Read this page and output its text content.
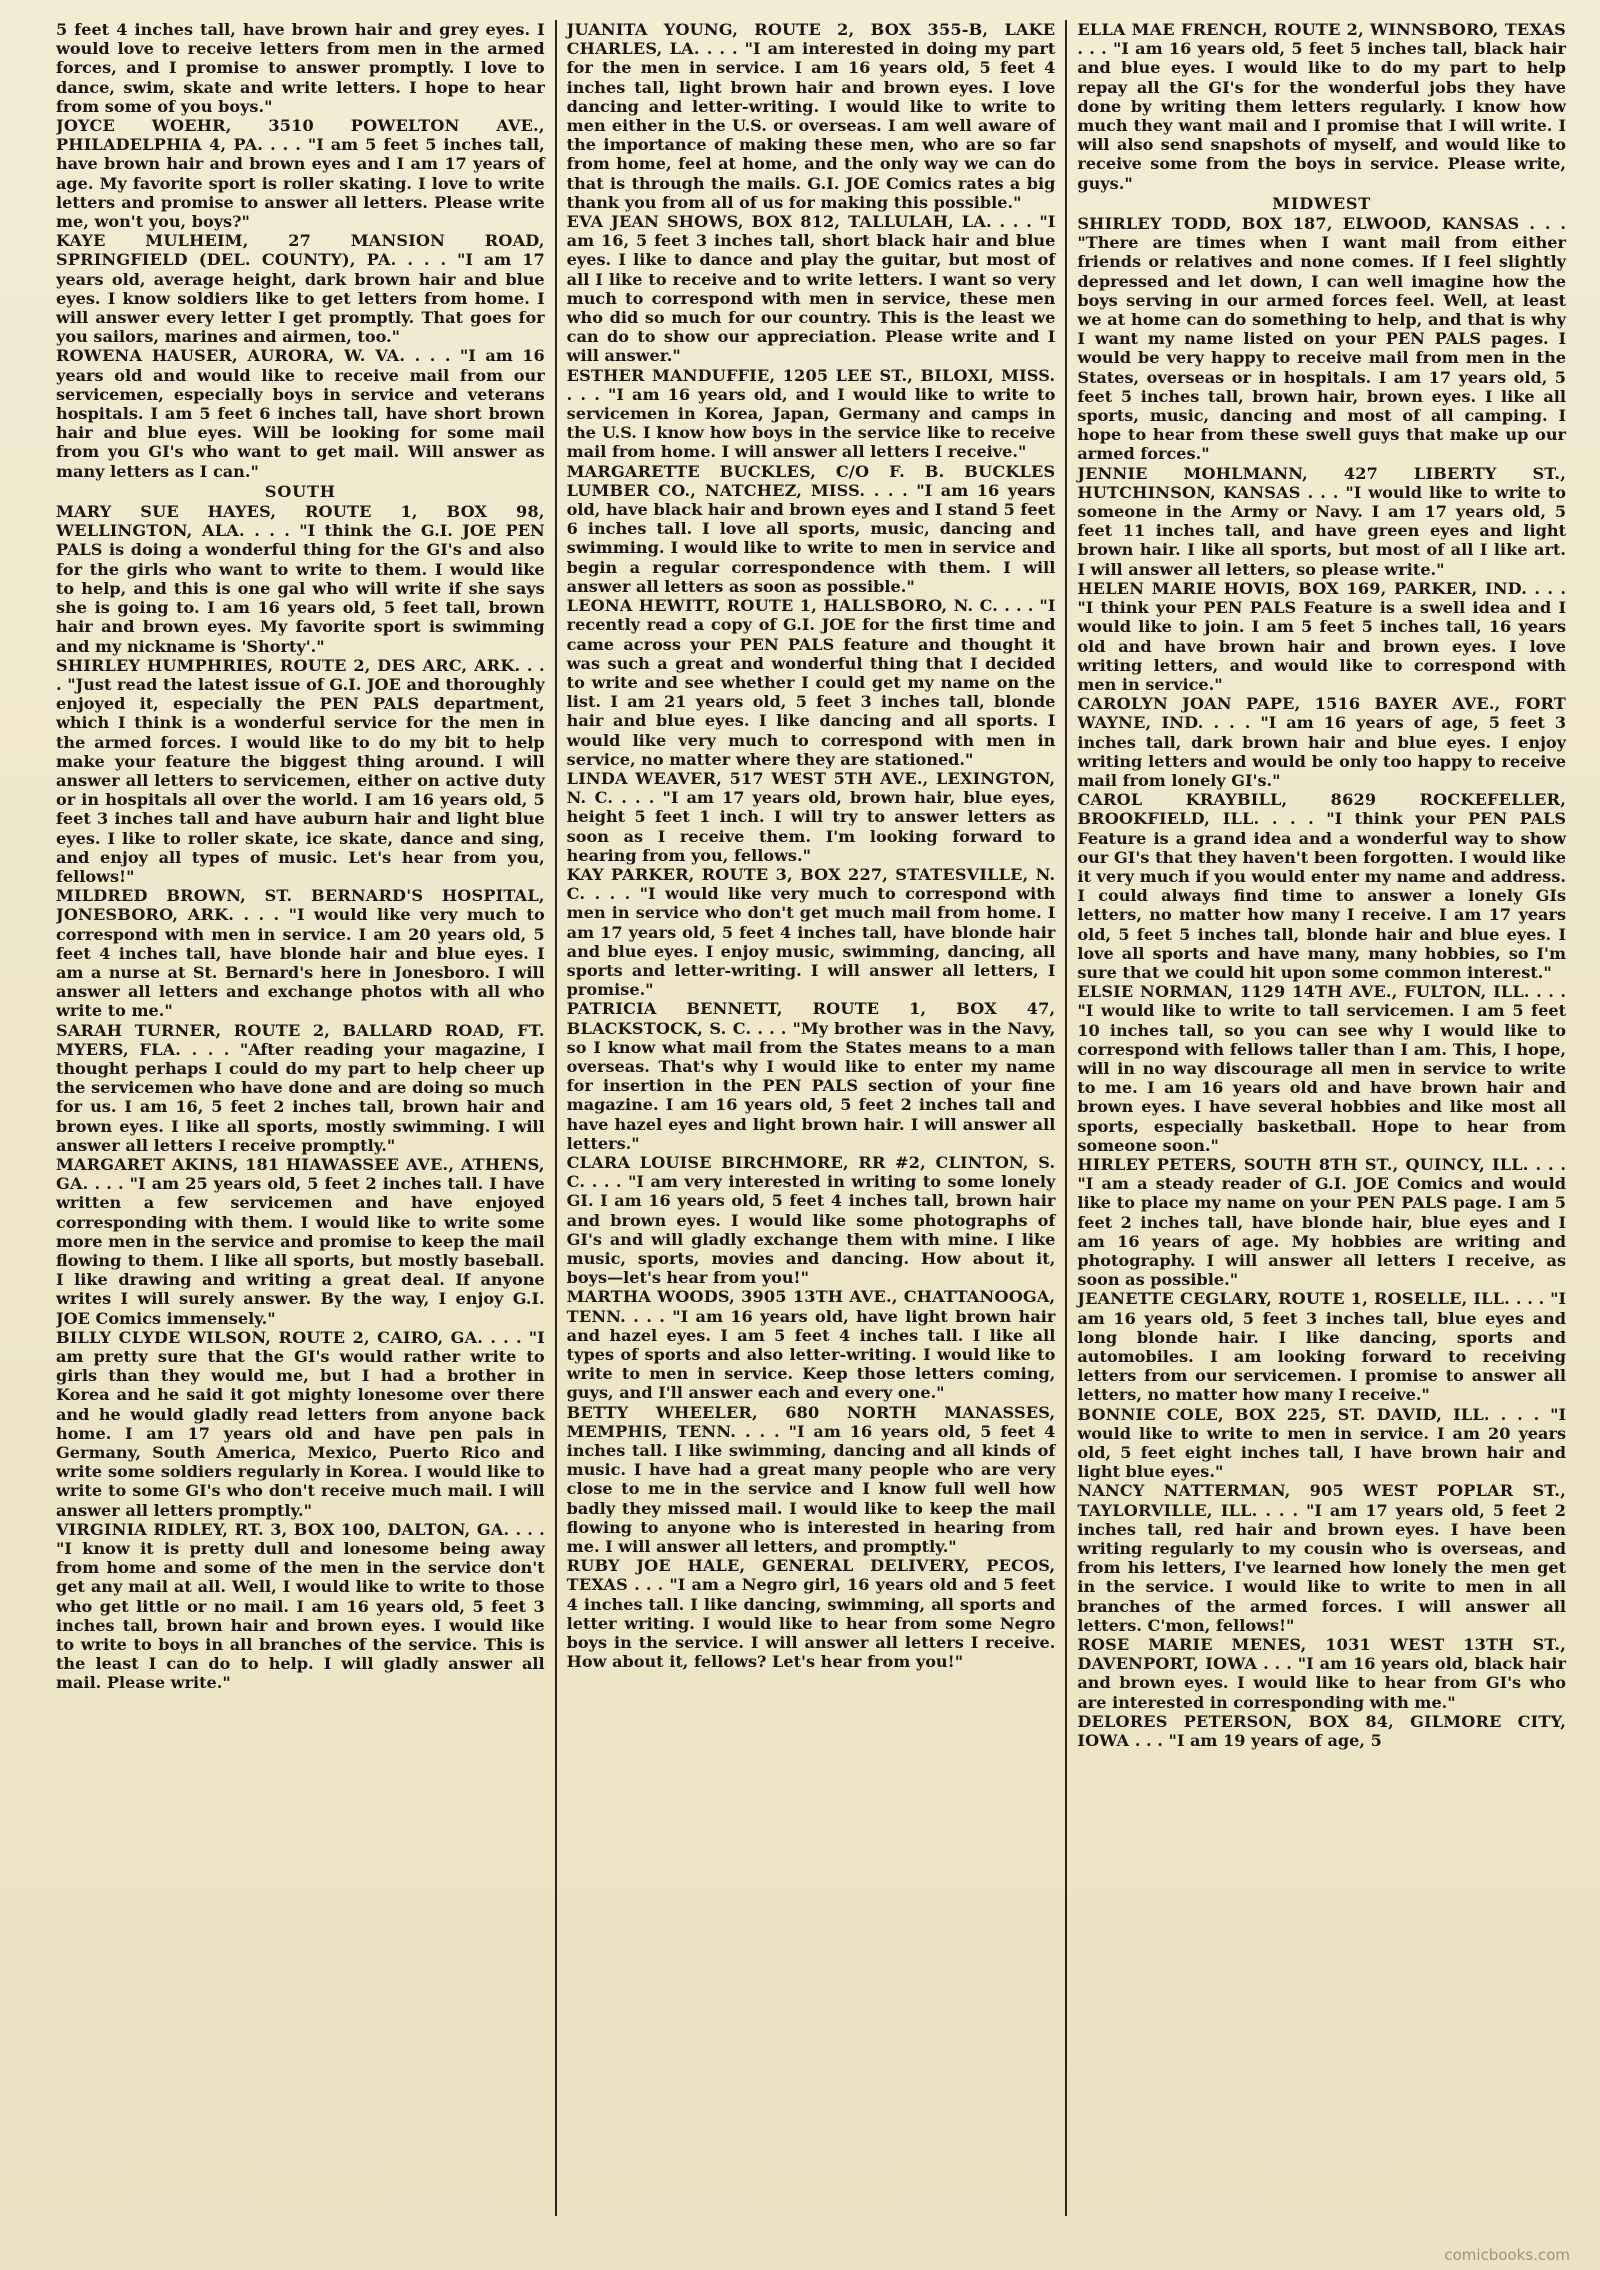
5 feet 4 inches tall, have brown hair and grey eyes. I would love to receive letters from men in the armed forces, and I promise to answer promptly. I love to dance, swim, skate and write letters. I hope to hear from some of you boys."

JOYCE WOEHR, 3510 POWELTON AVE., PHILADELPHIA 4, PA. . . . "I am 5 feet 5 inches tall, have brown hair and brown eyes and I am 17 years of age. My favorite sport is roller skating. I love to write letters and promise to answer all letters. Please write me, won't you, boys?"

KAYE MULHEIM, 27 MANSION ROAD, SPRINGFIELD (DEL. COUNTY), PA. . . . "I am 17 years old, average height, dark brown hair and blue eyes. I know soldiers like to get letters from home. I will answer every letter I get promptly. That goes for you sailors, marines and airmen, too."

ROWENA HAUSER, AURORA, W. VA. . . . "I am 16 years old and would like to receive mail from our servicemen, especially boys in service and veterans hospitals. I am 5 feet 6 inches tall, have short brown hair and blue eyes. Will be looking for some mail from you GI's who want to get mail. Will answer as many letters as I can."

SOUTH

MARY SUE HAYES, ROUTE 1, BOX 98, WELLINGTON, ALA. . . . "I think the G.I. JOE PEN PALS is doing a wonderful thing for the GI's and also for the girls who want to write to them. I would like to help, and this is one gal who will write if she says she is going to. I am 16 years old, 5 feet tall, brown hair and brown eyes. My favorite sport is swimming and my nickname is 'Shorty'."

SHIRLEY HUMPHRIES, ROUTE 2, DES ARC, ARK. . . . "Just read the latest issue of G.I. JOE and thoroughly enjoyed it, especially the PEN PALS department, which I think is a wonderful service for the men in the armed forces. I would like to do my bit to help make your feature the biggest thing around. I will answer all letters to servicemen, either on active duty or in hospitals all over the world. I am 16 years old, 5 feet 3 inches tall and have auburn hair and light blue eyes. I like to roller skate, ice skate, dance and sing, and enjoy all types of music. Let's hear from you, fellows!"

MILDRED BROWN, ST. BERNARD'S HOSPITAL, JONESBORO, ARK. . . . "I would like very much to correspond with men in service. I am 20 years old, 5 feet 4 inches tall, have blonde hair and blue eyes. I am a nurse at St. Bernard's here in Jonesboro. I will answer all letters and exchange photos with all who write to me."

SARAH TURNER, ROUTE 2, BALLARD ROAD, FT. MYERS, FLA. . . . "After reading your magazine, I thought perhaps I could do my part to help cheer up the servicemen who have done and are doing so much for us. I am 16, 5 feet 2 inches tall, brown hair and brown eyes. I like all sports, mostly swimming. I will answer all letters I receive promptly."

MARGARET AKINS, 181 HIAWASSEE AVE., ATHENS, GA. . . . "I am 25 years old, 5 feet 2 inches tall. I have written a few servicemen and have enjoyed corresponding with them. I would like to write some more men in the service and promise to keep the mail flowing to them. I like all sports, but mostly baseball. I like drawing and writing a great deal. If anyone writes I will surely answer. By the way, I enjoy G.I. JOE Comics immensely."

BILLY CLYDE WILSON, ROUTE 2, CAIRO, GA. . . . "I am pretty sure that the GI's would rather write to girls than they would me, but I had a brother in Korea and he said it got mighty lonesome over there and he would gladly read letters from anyone back home. I am 17 years old and have pen pals in Germany, South America, Mexico, Puerto Rico and write some soldiers regularly in Korea. I would like to write to some GI's who don't receive much mail. I will answer all letters promptly."

VIRGINIA RIDLEY, RT. 3, BOX 100, DALTON, GA. . . . "I know it is pretty dull and lonesome being away from home and some of the men in the service don't get any mail at all. Well, I would like to write to those who get little or no mail. I am 16 years old, 5 feet 3 inches tall, brown hair and brown eyes. I would like to write to boys in all branches of the service. This is the least I can do to help. I will gladly answer all mail. Please write."

JUANITA YOUNG, ROUTE 2, BOX 355-B, LAKE CHARLES, LA. . . . "I am interested in doing my part for the men in service. I am 16 years old, 5 feet 4 inches tall, light brown hair and brown eyes. I love dancing and letter-writing. I would like to write to men either in the U.S. or overseas. I am well aware of the importance of making these men, who are so far from home, feel at home, and the only way we can do that is through the mails. G.I. JOE Comics rates a big thank you from all of us for making this possible."

EVA JEAN SHOWS, BOX 812, TALLULAH, LA. . . . "I am 16, 5 feet 3 inches tall, short black hair and blue eyes. I like to dance and play the guitar, but most of all I like to receive and to write letters. I want so very much to correspond with men in service, these men who did so much for our country. This is the least we can do to show our appreciation. Please write and I will answer."

ESTHER MANDUFFIE, 1205 LEE ST., BILOXI, MISS. . . . "I am 16 years old, and I would like to write to servicemen in Korea, Japan, Germany and camps in the U.S. I know how boys in the service like to receive mail from home. I will answer all letters I receive."

MARGARETTE BUCKLES, C/O F. B. BUCKLES LUMBER CO., NATCHEZ, MISS. . . . "I am 16 years old, have black hair and brown eyes and I stand 5 feet 6 inches tall. I love all sports, music, dancing and swimming. I would like to write to men in service and begin a regular correspondence with them. I will answer all letters as soon as possible."

LEONA HEWITT, ROUTE 1, HALLSBORO, N. C. . . . "I recently read a copy of G.I. JOE for the first time and came across your PEN PALS feature and thought it was such a great and wonderful thing that I decided to write and see whether I could get my name on the list. I am 21 years old, 5 feet 3 inches tall, blonde hair and blue eyes. I like dancing and all sports. I would like very much to correspond with men in service, no matter where they are stationed."

LINDA WEAVER, 517 WEST 5TH AVE., LEXINGTON, N. C. . . . "I am 17 years old, brown hair, blue eyes, height 5 feet 1 inch. I will try to answer letters as soon as I receive them. I'm looking forward to hearing from you, fellows."

KAY PARKER, ROUTE 3, BOX 227, STATESVILLE, N. C. . . . "I would like very much to correspond with men in service who don't get much mail from home. I am 17 years old, 5 feet 4 inches tall, have blonde hair and blue eyes. I enjoy music, swimming, dancing, all sports and letter-writing. I will answer all letters, I promise."

PATRICIA BENNETT, ROUTE 1, BOX 47, BLACKSTOCK, S. C. . . . "My brother was in the Navy, so I know what mail from the States means to a man overseas. That's why I would like to enter my name for insertion in the PEN PALS section of your fine magazine. I am 16 years old, 5 feet 2 inches tall and have hazel eyes and light brown hair. I will answer all letters."

CLARA LOUISE BIRCHMORE, RR #2, CLINTON, S. C. . . . "I am very interested in writing to some lonely GI. I am 16 years old, 5 feet 4 inches tall, brown hair and brown eyes. I would like some photographs of GI's and will gladly exchange them with mine. I like music, sports, movies and dancing. How about it, boys—let's hear from you!"

MARTHA WOODS, 3905 13TH AVE., CHATTANOOGA, TENN. . . . "I am 16 years old, have light brown hair and hazel eyes. I am 5 feet 4 inches tall. I like all types of sports and also letter-writing. I would like to write to men in service. Keep those letters coming, guys, and I'll answer each and every one."

BETTY WHEELER, 680 NORTH MANASSES, MEMPHIS, TENN. . . . "I am 16 years old, 5 feet 4 inches tall. I like swimming, dancing and all kinds of music. I have had a great many people who are very close to me in the service and I know full well how badly they missed mail. I would like to keep the mail flowing to anyone who is interested in hearing from me. I will answer all letters, and promptly."

RUBY JOE HALE, GENERAL DELIVERY, PECOS, TEXAS . . . "I am a Negro girl, 16 years old and 5 feet 4 inches tall. I like dancing, swimming, all sports and letter writing. I would like to hear from some Negro boys in the service. I will answer all letters I receive. How about it, fellows? Let's hear from you!"

ELLA MAE FRENCH, ROUTE 2, WINNSBORO, TEXAS . . . "I am 16 years old, 5 feet 5 inches tall, black hair and blue eyes. I would like to do my part to help repay all the GI's for the wonderful jobs they have done by writing them letters regularly. I know how much they want mail and I promise that I will write. I will also send snapshots of myself, and would like to receive some from the boys in service. Please write, guys."

MIDWEST

SHIRLEY TODD, BOX 187, ELWOOD, KANSAS . . . "There are times when I want mail from either friends or relatives and none comes. If I feel slightly depressed and let down, I can well imagine how the boys serving in our armed forces feel. Well, at least we at home can do something to help, and that is why I want my name listed on your PEN PALS pages. I would be very happy to receive mail from men in the States, overseas or in hospitals. I am 17 years old, 5 feet 5 inches tall, brown hair, brown eyes. I like all sports, music, dancing and most of all camping. I hope to hear from these swell guys that make up our armed forces."

JENNIE MOHLMANN, 427 LIBERTY ST., HUTCHINSON, KANSAS . . . "I would like to write to someone in the Army or Navy. I am 17 years old, 5 feet 11 inches tall, and have green eyes and light brown hair. I like all sports, but most of all I like art. I will answer all letters, so please write."

HELEN MARIE HOVIS, BOX 169, PARKER, IND. . . . "I think your PEN PALS Feature is a swell idea and I would like to join. I am 5 feet 5 inches tall, 16 years old and have brown hair and brown eyes. I love writing letters, and would like to correspond with men in service."

CAROLYN JOAN PAPE, 1516 BAYER AVE., FORT WAYNE, IND. . . . "I am 16 years of age, 5 feet 3 inches tall, dark brown hair and blue eyes. I enjoy writing letters and would be only too happy to receive mail from lonely GI's."

CAROL KRAYBILL, 8629 ROCKEFELLER, BROOKFIELD, ILL. . . . "I think your PEN PALS Feature is a grand idea and a wonderful way to show our GI's that they haven't been forgotten. I would like it very much if you would enter my name and address. I could always find time to answer a lonely GIs letters, no matter how many I receive. I am 17 years old, 5 feet 5 inches tall, blonde hair and blue eyes. I love all sports and have many, many hobbies, so I'm sure that we could hit upon some common interest."

ELSIE NORMAN, 1129 14TH AVE., FULTON, ILL. . . . "I would like to write to tall servicemen. I am 5 feet 10 inches tall, so you can see why I would like to correspond with fellows taller than I am. This, I hope, will in no way discourage all men in service to write to me. I am 16 years old and have brown hair and brown eyes. I have several hobbies and like most all sports, especially basketball. Hope to hear from someone soon."

HIRLEY PETERS, SOUTH 8TH ST., QUINCY, ILL. . . . "I am a steady reader of G.I. JOE Comics and would like to place my name on your PEN PALS page. I am 5 feet 2 inches tall, have blonde hair, blue eyes and I am 16 years of age. My hobbies are writing and photography. I will answer all letters I receive, as soon as possible."

JEANETTE CEGLARY, ROUTE 1, ROSELLE, ILL. . . . "I am 16 years old, 5 feet 3 inches tall, blue eyes and long blonde hair. I like dancing, sports and automobiles. I am looking forward to receiving letters from our servicemen. I promise to answer all letters, no matter how many I receive."

BONNIE COLE, BOX 225, ST. DAVID, ILL. . . . "I would like to write to men in service. I am 20 years old, 5 feet eight inches tall, I have brown hair and light blue eyes."

NANCY NATTERMAN, 905 WEST POPLAR ST., TAYLORVILLE, ILL. . . . "I am 17 years old, 5 feet 2 inches tall, red hair and brown eyes. I have been writing regularly to my cousin who is overseas, and from his letters, I've learned how lonely the men get in the service. I would like to write to men in all branches of the armed forces. I will answer all letters. C'mon, fellows!"

ROSE MARIE MENES, 1031 WEST 13TH ST., DAVENPORT, IOWA . . . "I am 16 years old, black hair and brown eyes. I would like to hear from GI's who are interested in corresponding with me."

DELORES PETERSON, BOX 84, GILMORE CITY, IOWA . . . "I am 19 years of age, 5

comicbooks.com
